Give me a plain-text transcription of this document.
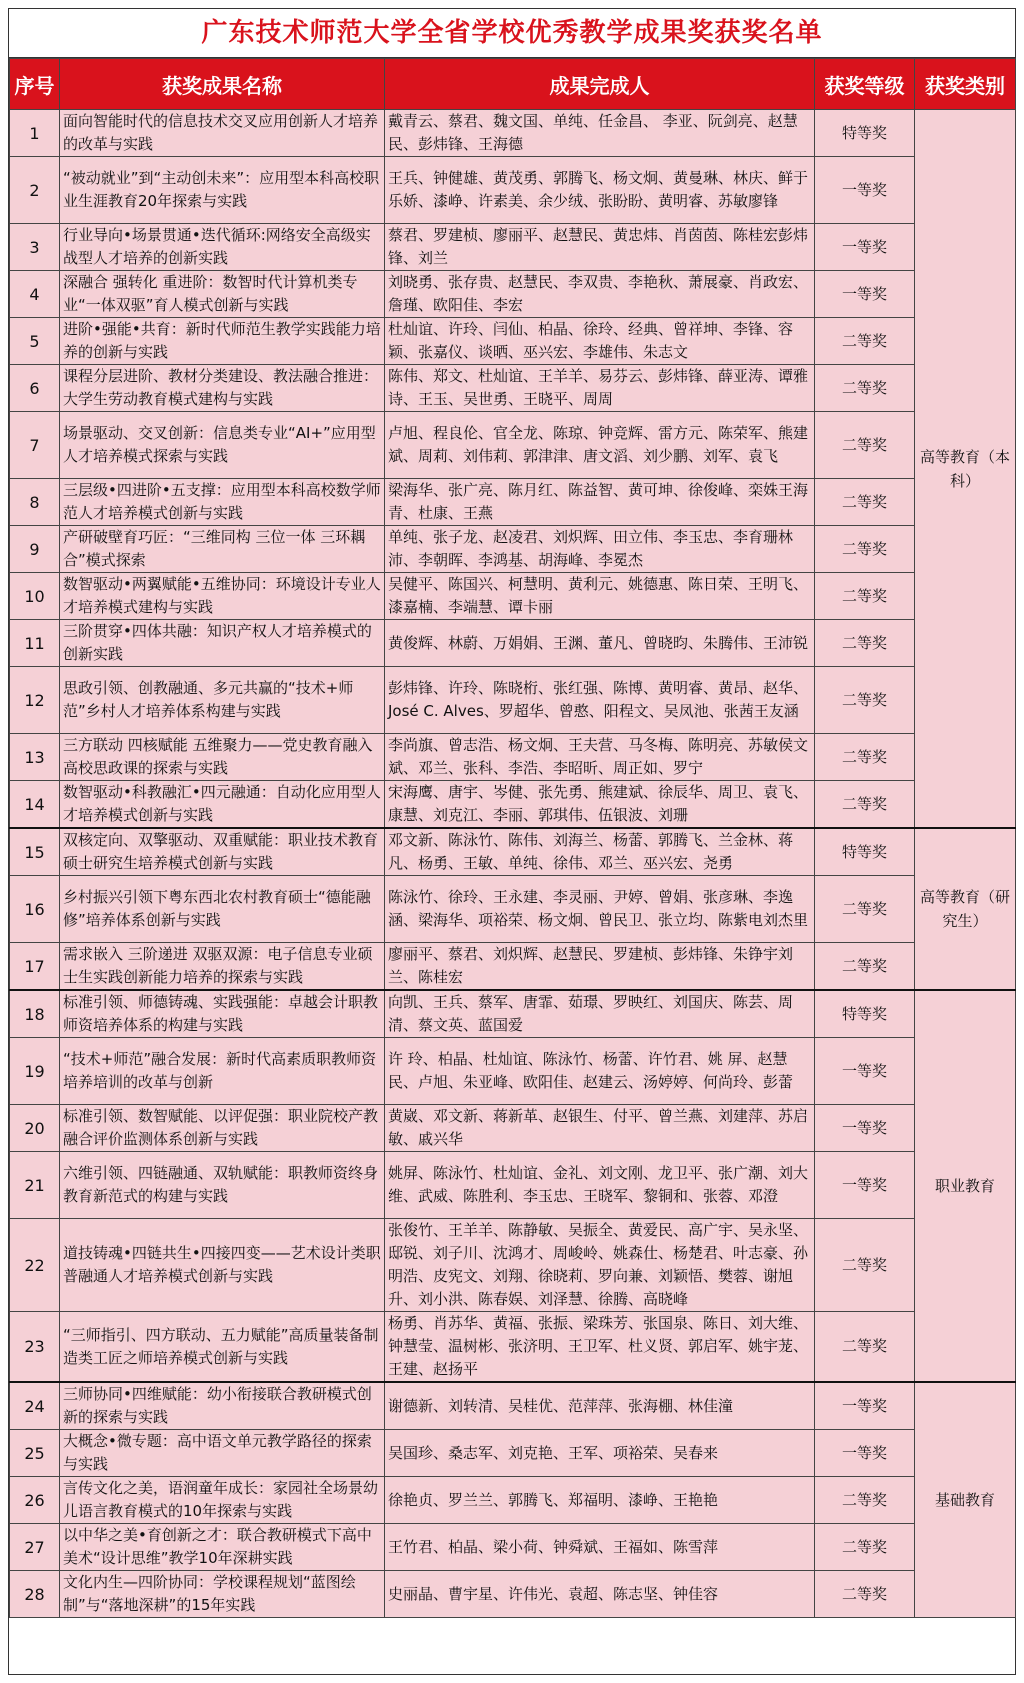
广东技术师范大学全省学校优秀教学成果奖获奖名单
序号	获奖成果名称	成果完成人	获奖等级	获奖类别
1	面向智能时代的信息技术交叉应用创新人才培养的改革与实践	戴青云、蔡君、魏文国、单纯、任金昌、 李亚、阮剑亮、赵慧民、彭炜锋、王海德	特等奖	高等教育（本科）
2	“被动就业”到“主动创未来”：应用型本科高校职业生涯教育20年探索与实践	王兵、钟健雄、黄茂勇、郭腾飞、杨文炯、黄曼琳、林庆、鲜于乐娇、漆峥、许素美、余少绒、张盼盼、黄明睿、苏敏廖锋	一等奖	
3	行业导向•场景贯通•迭代循环:网络安全高级实战型人才培养的创新实践	蔡君、罗建桢、廖丽平、赵慧民、黄忠炜、肖茵茵、陈桂宏彭炜锋、刘兰	一等奖	
4	深融合 强转化 重进阶：数智时代计算机类专业“一体双驱”育人模式创新与实践	刘晓勇、张存贵、赵慧民、李双贵、李艳秋、萧展豪、肖政宏、詹瑾、欧阳佳、李宏	一等奖	
5	进阶•强能•共育：新时代师范生教学实践能力培养的创新与实践	杜灿谊、许玲、闫仙、柏晶、徐玲、经典、曾祥坤、李锋、容颖、张嘉仪、谈晒、巫兴宏、李雄伟、朱志文	二等奖	
6	课程分层进阶、教材分类建设、教法融合推进：大学生劳动教育模式建构与实践	陈伟、郑文、杜灿谊、王羊羊、易芬云、彭炜锋、薛亚涛、谭雅诗、王玉、吴世勇、王晓平、周周	二等奖	
7	场景驱动、交叉创新：信息类专业“AI+”应用型人才培养模式探索与实践	卢旭、程良伦、官全龙、陈琼、钟竞辉、雷方元、陈荣军、熊建斌、周莉、刘伟莉、郭津津、唐文滔、刘少鹏、刘军、袁飞	二等奖	
8	三层级•四进阶•五支撑：应用型本科高校数学师范人才培养模式创新与实践	梁海华、张广亮、陈月红、陈益智、黄可坤、徐俊峰、栾姝王海青、杜康、王燕	二等奖	
9	产研破壁育巧匠：“三维同构 三位一体 三环耦合”模式探索	单纯、张子龙、赵凌君、刘炽辉、田立伟、李玉忠、李育珊林沛、李朝晖、李鸿基、胡海峰、李冕杰	二等奖	
10	数智驱动•两翼赋能•五维协同：环境设计专业人才培养模式建构与实践	吴健平、陈国兴、柯慧明、黄利元、姚德惠、陈日荣、王明飞、漆嘉楠、李端慧、谭卡丽	二等奖	
11	三阶贯穿•四体共融：知识产权人才培养模式的创新实践	黄俊辉、林蔚、万娟娟、王渊、董凡、曾晓昀、朱腾伟、王沛锐	二等奖	
12	思政引领、创教融通、多元共赢的“技术+师范”乡村人才培养体系构建与实践	彭炜锋、许玲、陈晓桁、张红强、陈博、黄明睿、黄昂、赵华、José C. Alves、罗超华、曾憨、阳程文、吴凤池、张茜王友涵	二等奖	
13	三方联动 四核赋能 五维聚力——党史教育融入高校思政课的探索与实践	李尚旗、曾志浩、杨文炯、王夫营、马冬梅、陈明亮、苏敏侯文斌、邓兰、张科、李浩、李昭昕、周正如、罗宁	二等奖	
14	数智驱动•科教融汇•四元融通：自动化应用型人才培养模式创新与实践	宋海鹰、唐宇、岑健、张先勇、熊建斌、徐辰华、周卫、袁飞、康慧、刘克江、李丽、郭琪伟、伍银波、刘珊	二等奖	
15	双核定向、双擎驱动、双重赋能：职业技术教育硕士研究生培养模式创新与实践	邓文新、陈泳竹、陈伟、刘海兰、杨蕾、郭腾飞、兰金林、蒋凡、杨勇、王敏、单纯、徐伟、邓兰、巫兴宏、尧勇	特等奖	高等教育（研究生）
16	乡村振兴引领下粤东西北农村教育硕士“德能融修”培养体系创新与实践	陈泳竹、徐玲、王永建、李灵丽、尹婷、曾娟、张彦琳、李逸涵、梁海华、项裕荣、杨文炯、曾民卫、张立均、陈紫电刘杰里	二等奖	
17	需求嵌入 三阶递进 双驱双源：电子信息专业硕士生实践创新能力培养的探索与实践	廖丽平、蔡君、刘炽辉、赵慧民、罗建桢、彭炜锋、朱铮宇刘兰、陈桂宏	二等奖	
18	标准引领、师德铸魂、实践强能：卓越会计职教师资培养体系的构建与实践	向凯、王兵、蔡军、唐霏、茹璟、罗映红、刘国庆、陈芸、周清、蔡文英、蓝国爱	特等奖	职业教育
19	“技术+师范”融合发展：新时代高素质职教师资培养培训的改革与创新	许 玲、柏晶、杜灿谊、陈泳竹、杨蕾、许竹君、姚 屏、赵慧民、卢旭、朱亚峰、欧阳佳、赵建云、汤婷婷、何尚玲、彭蕾	一等奖	
20	标准引领、数智赋能、以评促强：职业院校产教融合评价监测体系创新与实践	黄崴、邓文新、蒋新革、赵银生、付平、曾兰燕、刘建萍、苏启敏、戚兴华	一等奖	
21	六维引领、四链融通、双轨赋能：职教师资终身教育新范式的构建与实践	姚屏、陈泳竹、杜灿谊、金礼、刘文刚、龙卫平、张广潮、刘大维、武威、陈胜利、李玉忠、王晓军、黎铜和、张蓉、邓澄	一等奖	
22	道技铸魂•四链共生•四接四变——艺术设计类职普融通人才培养模式创新与实践	张俊竹、王羊羊、陈静敏、吴振全、黄爱民、高广宇、吴永坚、邸锐、刘子川、沈鸿才、周峻岭、姚森仕、杨楚君、叶志豪、孙明浩、皮宪文、刘翔、徐晓莉、罗向兼、刘颖悟、樊蓉、谢旭升、刘小洪、陈春娱、刘泽慧、徐腾、高晓峰	二等奖	
23	“三师指引、四方联动、五力赋能”高质量装备制造类工匠之师培养模式创新与实践	杨勇、肖苏华、黄福、张振、梁珠芳、张国泉、陈日、刘大维、钟慧莹、温树彬、张济明、王卫军、杜义贤、郭启军、姚宇茏、王建、赵扬平	二等奖	
24	三师协同•四维赋能：幼小衔接联合教研模式创新的探索与实践	谢德新、刘转清、吴桂优、范萍萍、张海棚、林佳潼	一等奖	基础教育
25	大概念•微专题：高中语文单元教学路径的探索与实践	吴国珍、桑志军、刘克艳、王军、项裕荣、吴春来	一等奖	
26	言传文化之美，语润童年成长：家园社全场景幼儿语言教育模式的10年探索与实践	徐艳贞、罗兰兰、郭腾飞、郑福明、漆峥、王艳艳	二等奖	
27	以中华之美•育创新之才：联合教研模式下高中美术“设计思维”教学10年深耕实践	王竹君、柏晶、梁小荷、钟舜斌、王福如、陈雪萍	二等奖	
28	文化内生—四阶协同：学校课程规划“蓝图绘制”与“落地深耕”的15年实践	史丽晶、曹宇星、许伟光、袁超、陈志坚、钟佳容	二等奖	
